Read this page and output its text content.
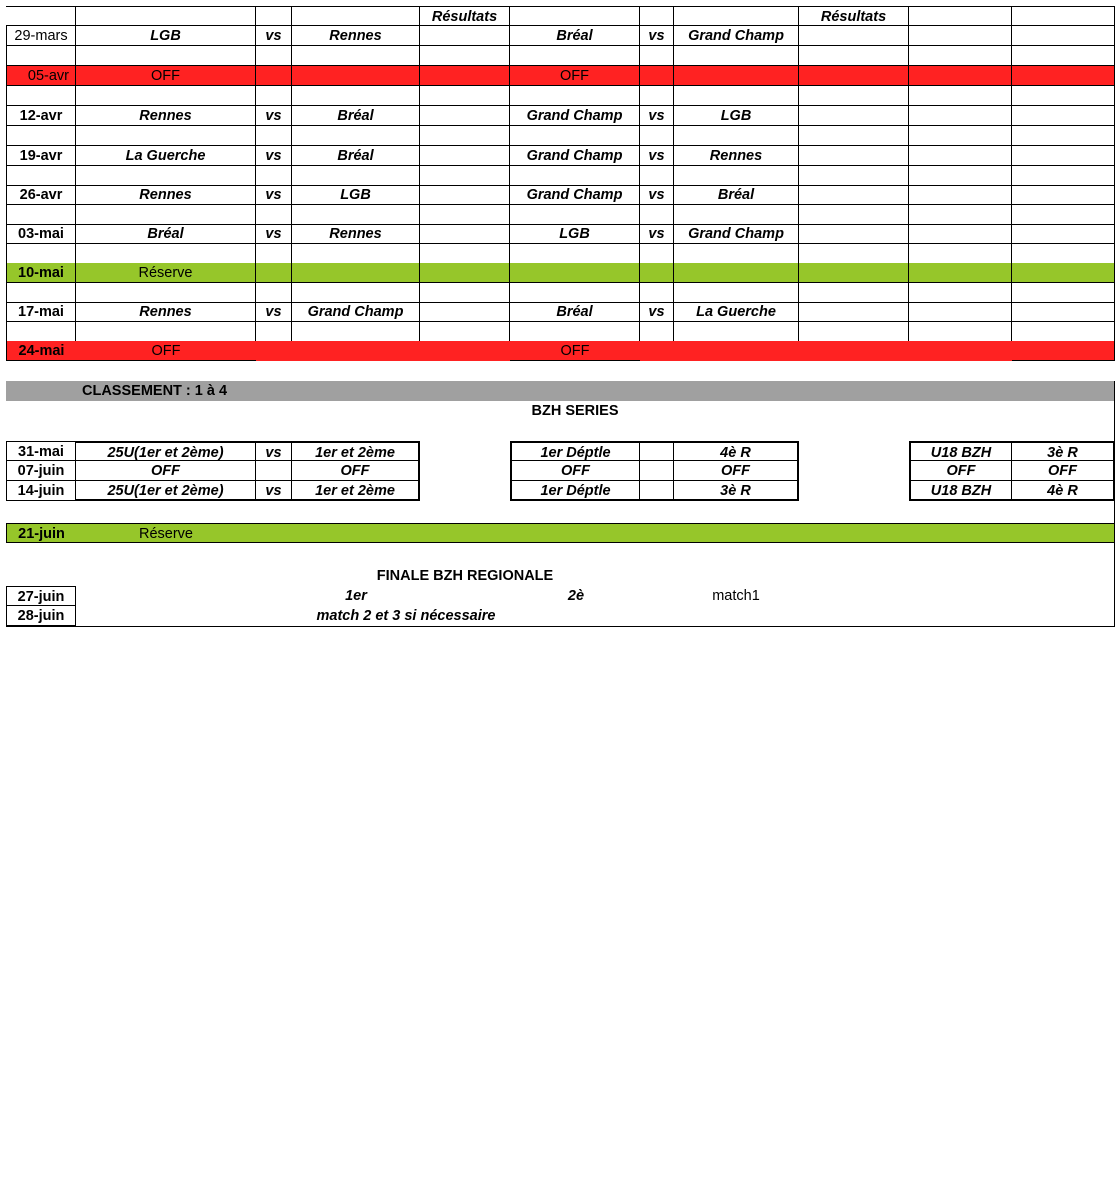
Résultats	Résultats
29-mars	LGB	vs	Rennes	Bréal	vs	Grand Champ
05-avr	OFF	OFF
12-avr	Rennes	vs	Bréal	Grand Champ	vs	LGB
19-avr	La Guerche	vs	Bréal	Grand Champ	vs	Rennes
26-avr	Rennes	vs	LGB	Grand Champ	vs	Bréal
03-mai	Bréal	vs	Rennes	LGB	vs	Grand Champ
10-mai	Réserve
17-mai	Rennes	vs	Grand Champ	Bréal	vs	La Guerche
24-mai	OFF	OFF
CLASSEMENT : 1 à 4
BZH SERIES
31-mai	25U(1er et 2ème)	vs	1er et 2ème	1er Déptle	4è R	U18 BZH	3è R
07-juin	OFF	OFF	OFF	OFF	OFF	OFF
14-juin	25U(1er et 2ème)	vs	1er et 2ème	1er Déptle	3è R	U18 BZH	4è R
21-juin	Réserve
FINALE BZH REGIONALE
27-juin	1er	2è	match1
28-juin	match 2 et 3 si nécessaire
